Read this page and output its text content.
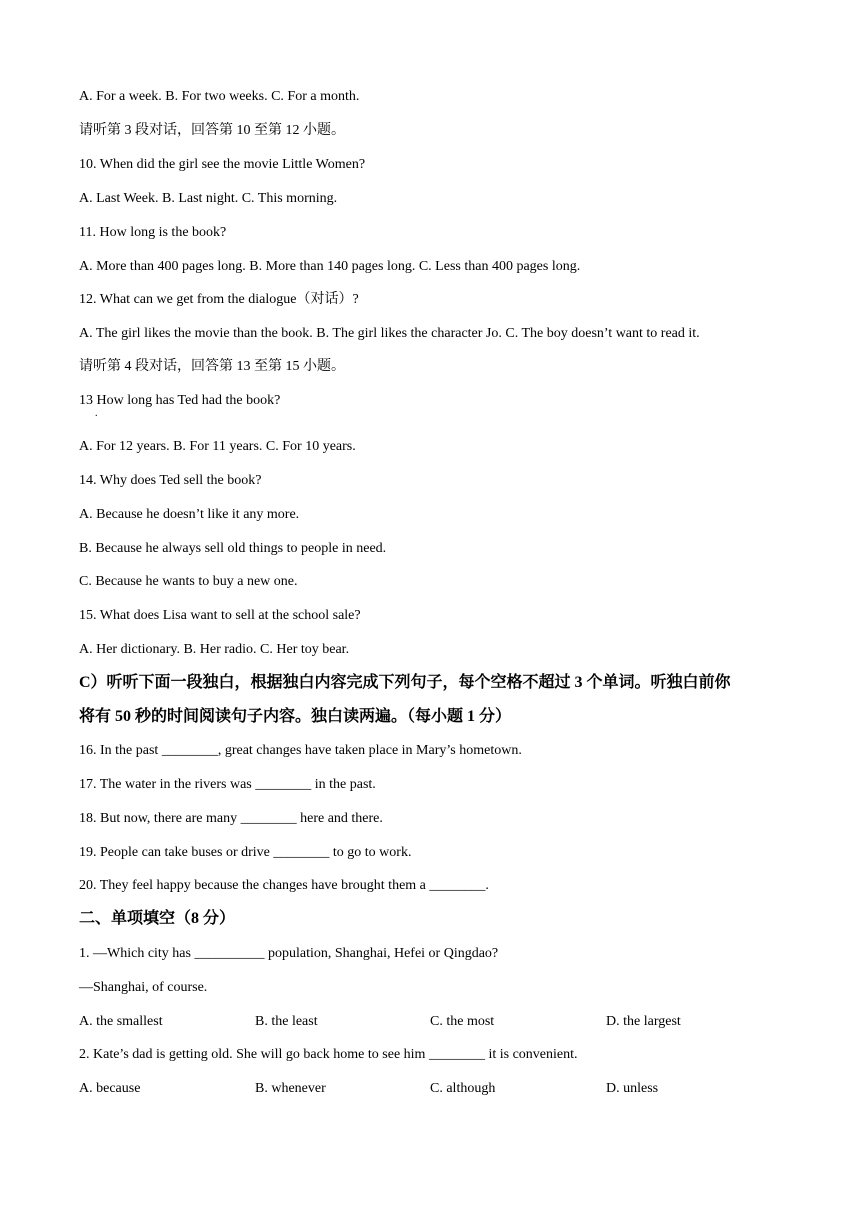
A. For a week. B. For two weeks. C. For a month.
请听第 3 段对话，回答第 10 至第 12 小题。
10. When did the girl see the movie Little Women?
A. Last Week. B. Last night. C. This morning.
11. How long is the book?
A. More than 400 pages long. B. More than 140 pages long. C. Less than 400 pages long.
12. What can we get from the dialogue（对话）?
A. The girl likes the movie than the book. B. The girl likes the character Jo. C. The boy doesn’t want to read it.
请听第 4 段对话，回答第 13 至第 15 小题。
13 How long has Ted had the book?
.
A. For 12 years. B. For 11 years. C. For 10 years.
14. Why does Ted sell the book?
A. Because he doesn’t like it any more.
B. Because he always sell old things to people in need.
C. Because he wants to buy a new one.
15. What does Lisa want to sell at the school sale?
A. Her dictionary. B. Her radio. C. Her toy bear.
C）听听下面一段独白，根据独白内容完成下列句子，每个空格不超过 3 个单词。听独白前你
将有 50 秒的时间阅读句子内容。独白读两遍。（每小题 1 分）
16. In the past ________, great changes have taken place in Mary’s hometown.
17. The water in the rivers was ________ in the past.
18. But now, there are many ________ here and there.
19. People can take buses or drive ________ to go to work.
20. They feel happy because the changes have brought them a ________.
二、单项填空（8 分）
1. —Which city has __________ population, Shanghai, Hefei or Qingdao?
—Shanghai, of course.
A. the smallest	B. the least	C. the most	D. the largest
2. Kate’s dad is getting old. She will go back home to see him ________ it is convenient.
A. because	B. whenever	C. although	D. unless
